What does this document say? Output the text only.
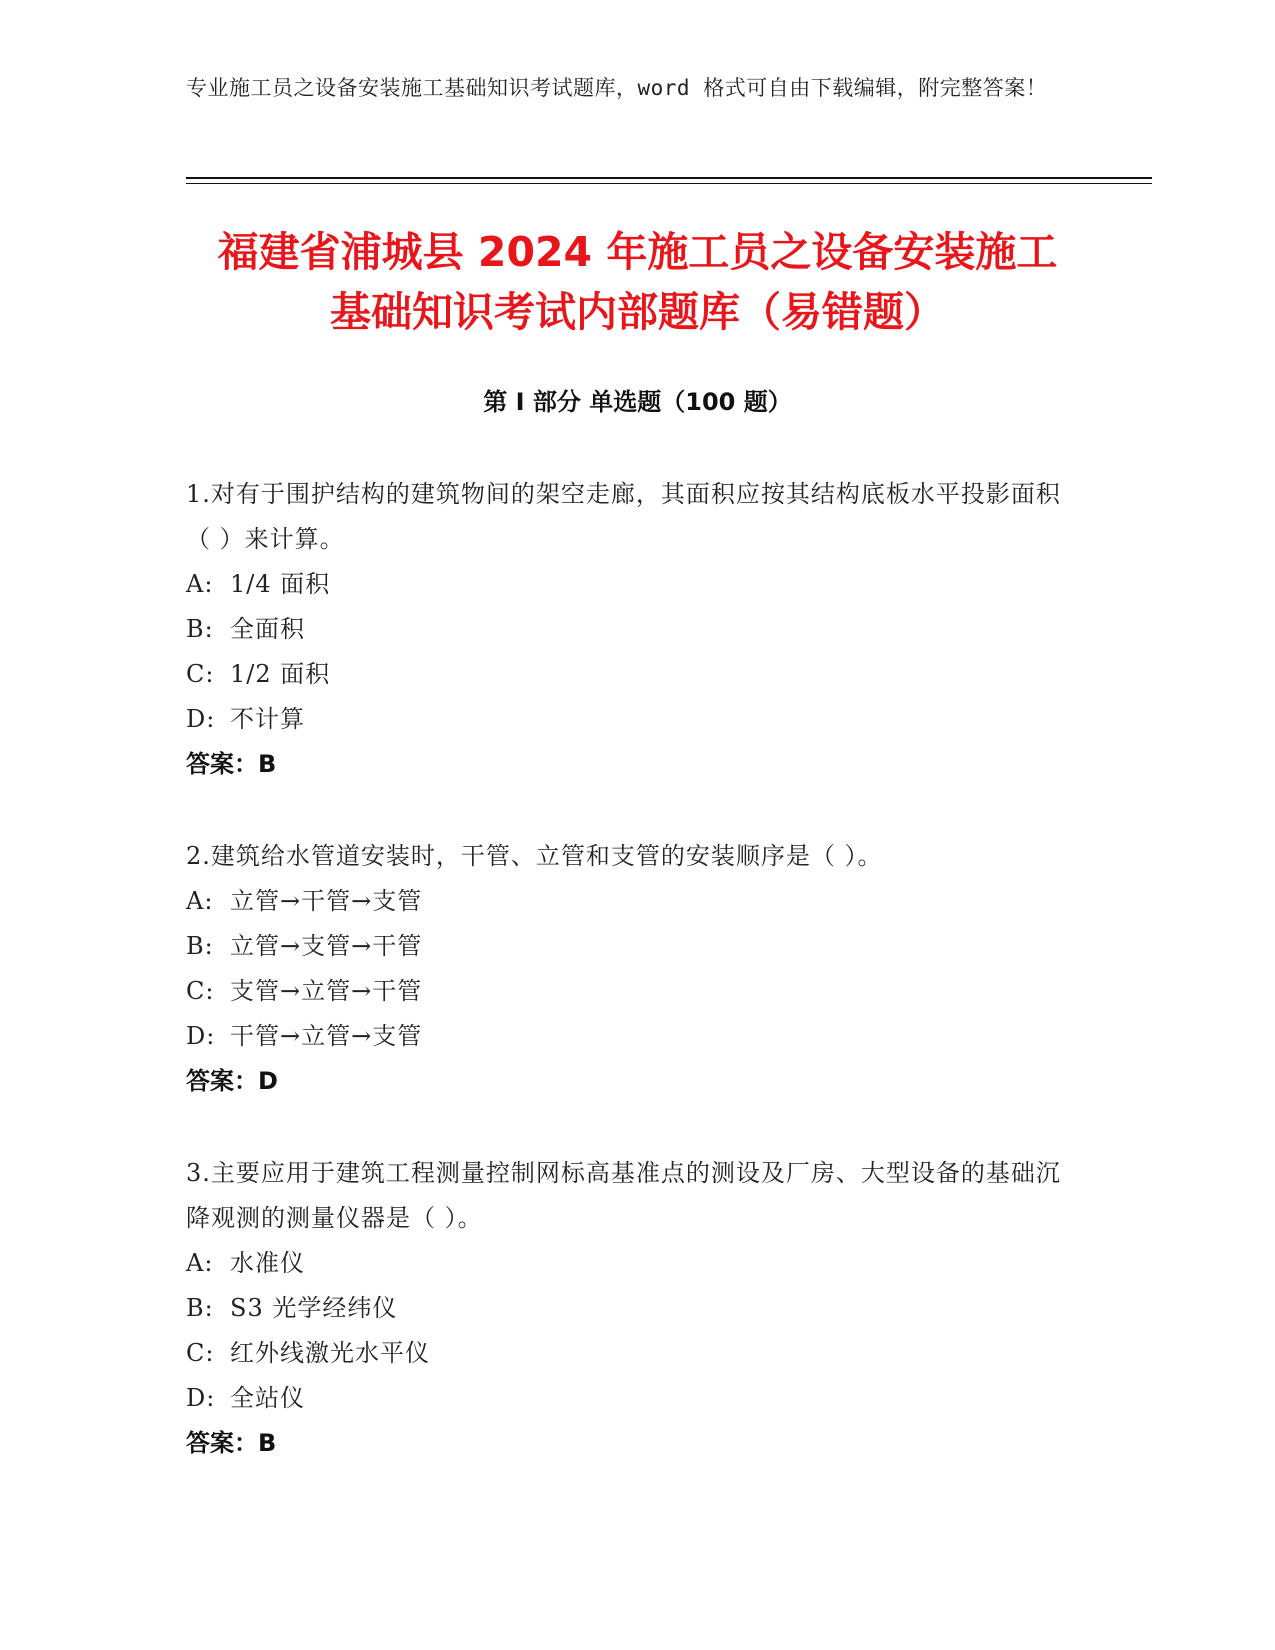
专业施工员之设备安装施工基础知识考试题库，word 格式可自由下载编辑，附完整答案！
福建省浦城县 2024 年施工员之设备安装施工
基础知识考试内部题库（易错题）
第 I 部分 单选题（100 题）
1.对有于围护结构的建筑物间的架空走廊，其面积应按其结构底板水平投影面积（ ）来计算。
A: 1/4 面积
B: 全面积
C: 1/2 面积
D: 不计算
答案：B
2.建筑给水管道安装时，干管、立管和支管的安装顺序是（ ）。
A: 立管→干管→支管
B: 立管→支管→干管
C: 支管→立管→干管
D: 干管→立管→支管
答案：D
3.主要应用于建筑工程测量控制网标高基准点的测设及厂房、大型设备的基础沉降观测的测量仪器是（ ）。
A: 水准仪
B: S3 光学经纬仪
C: 红外线激光水平仪
D: 全站仪
答案：B
